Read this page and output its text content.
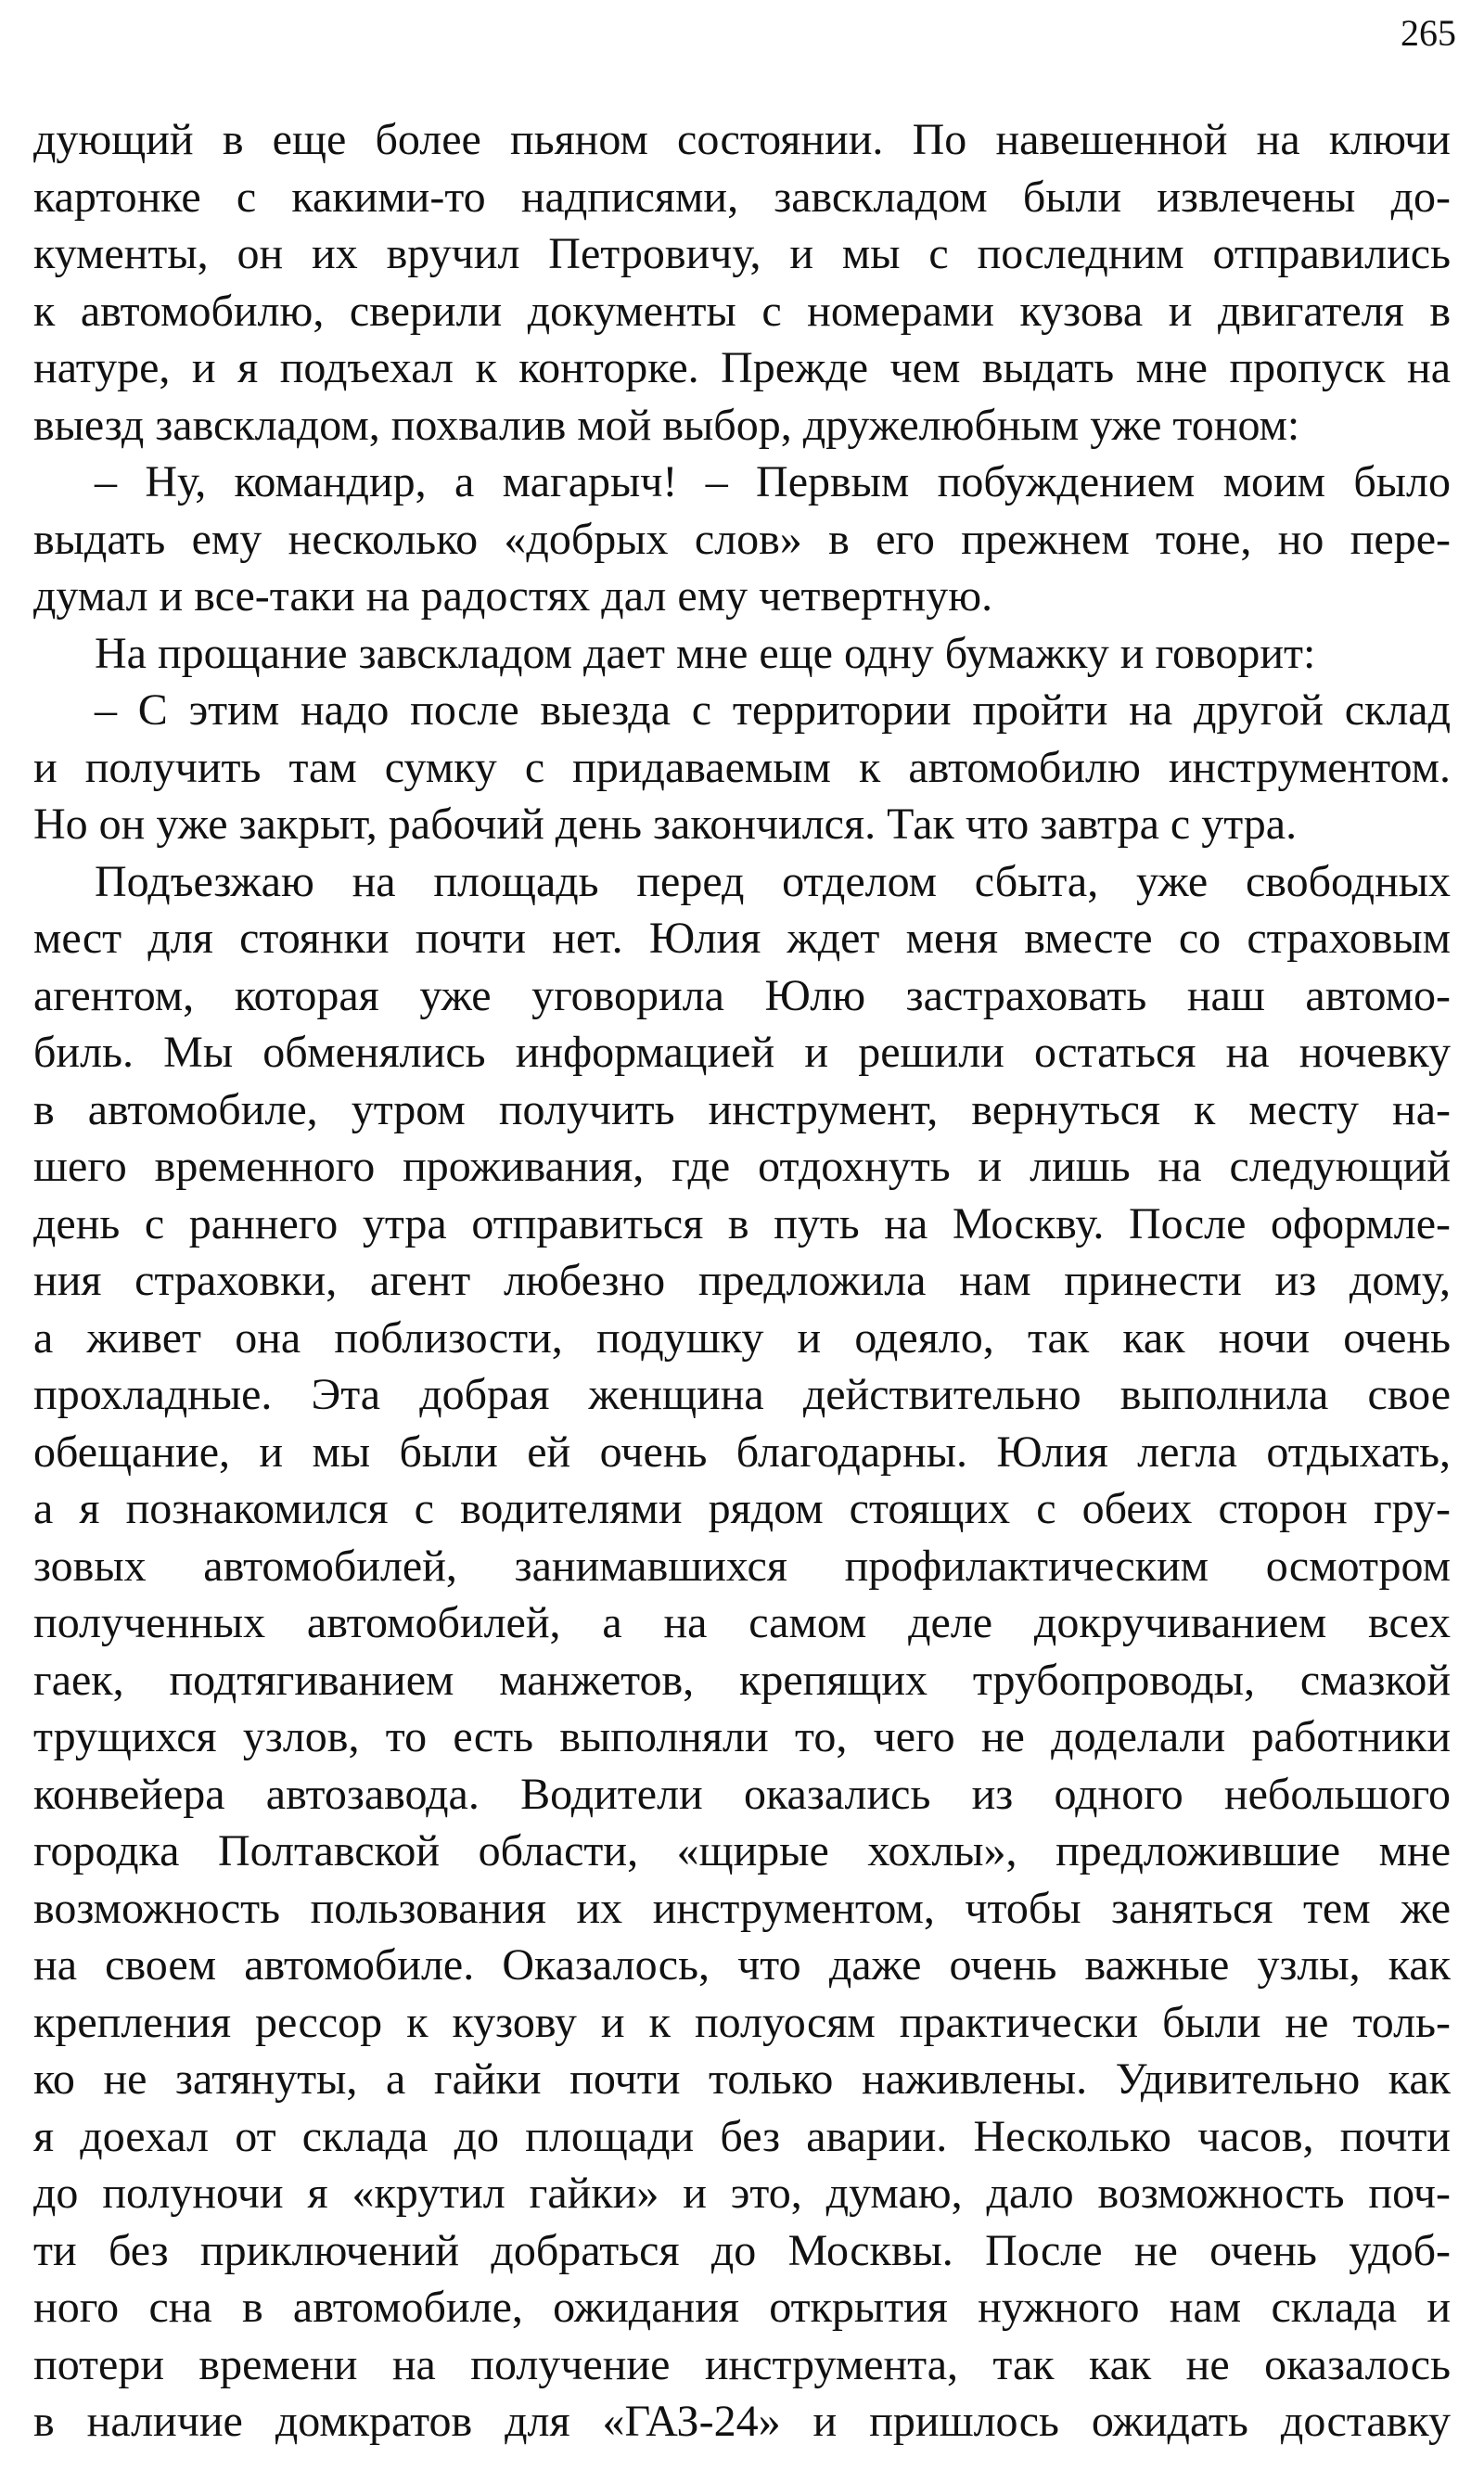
265
дующий в еще более пьяном состоянии. По навешенной на ключи
картонке с какими-то надписями, завскладом были извлечены до-
кументы, он их вручил Петровичу, и мы с последним отправились
к автомобилю, сверили документы с номерами кузова и двигателя в
натуре, и я подъехал к конторке. Прежде чем выдать мне пропуск на
выезд завскладом, похвалив мой выбор, дружелюбным уже тоном:
– Ну, командир, а магарыч! – Первым побуждением моим было
выдать ему несколько «добрых слов» в его прежнем тоне, но пере-
думал и все-таки на радостях дал ему четвертную.
На прощание завскладом дает мне еще одну бумажку и говорит:
– С этим надо после выезда с территории пройти на другой склад
и получить там сумку с придаваемым к автомобилю инструментом.
Но он уже закрыт, рабочий день закончился. Так что завтра с утра.
Подъезжаю на площадь перед отделом сбыта, уже свободных
мест для стоянки почти нет. Юлия ждет меня вместе со страховым
агентом, которая уже уговорила Юлю застраховать наш автомо-
биль. Мы обменялись информацией и решили остаться на ночевку
в автомобиле, утром получить инструмент, вернуться к месту на-
шего временного проживания, где отдохнуть и лишь на следующий
день с раннего утра отправиться в путь на Москву. После оформле-
ния страховки, агент любезно предложила нам принести из дому,
а живет она поблизости, подушку и одеяло, так как ночи очень
прохладные. Эта добрая женщина действительно выполнила свое
обещание, и мы были ей очень благодарны. Юлия легла отдыхать,
а я познакомился с водителями рядом стоящих с обеих сторон гру-
зовых автомобилей, занимавшихся профилактическим осмотром
полученных автомобилей, а на самом деле докручиванием всех
гаек, подтягиванием манжетов, крепящих трубопроводы, смазкой
трущихся узлов, то есть выполняли то, чего не доделали работники
конвейера автозавода. Водители оказались из одного небольшого
городка Полтавской области, «щирые хохлы», предложившие мне
возможность пользования их инструментом, чтобы заняться тем же
на своем автомобиле. Оказалось, что даже очень важные узлы, как
крепления рессор к кузову и к полуосям практически были не толь-
ко не затянуты, а гайки почти только наживлены. Удивительно как
я доехал от склада до площади без аварии. Несколько часов, почти
до полуночи я «крутил гайки» и это, думаю, дало возможность поч-
ти без приключений добраться до Москвы. После не очень удоб-
ного сна в автомобиле, ожидания открытия нужного нам склада и
потери времени на получение инструмента, так как не оказалось
в наличие домкратов для «ГАЗ-24» и пришлось ожидать доставку
